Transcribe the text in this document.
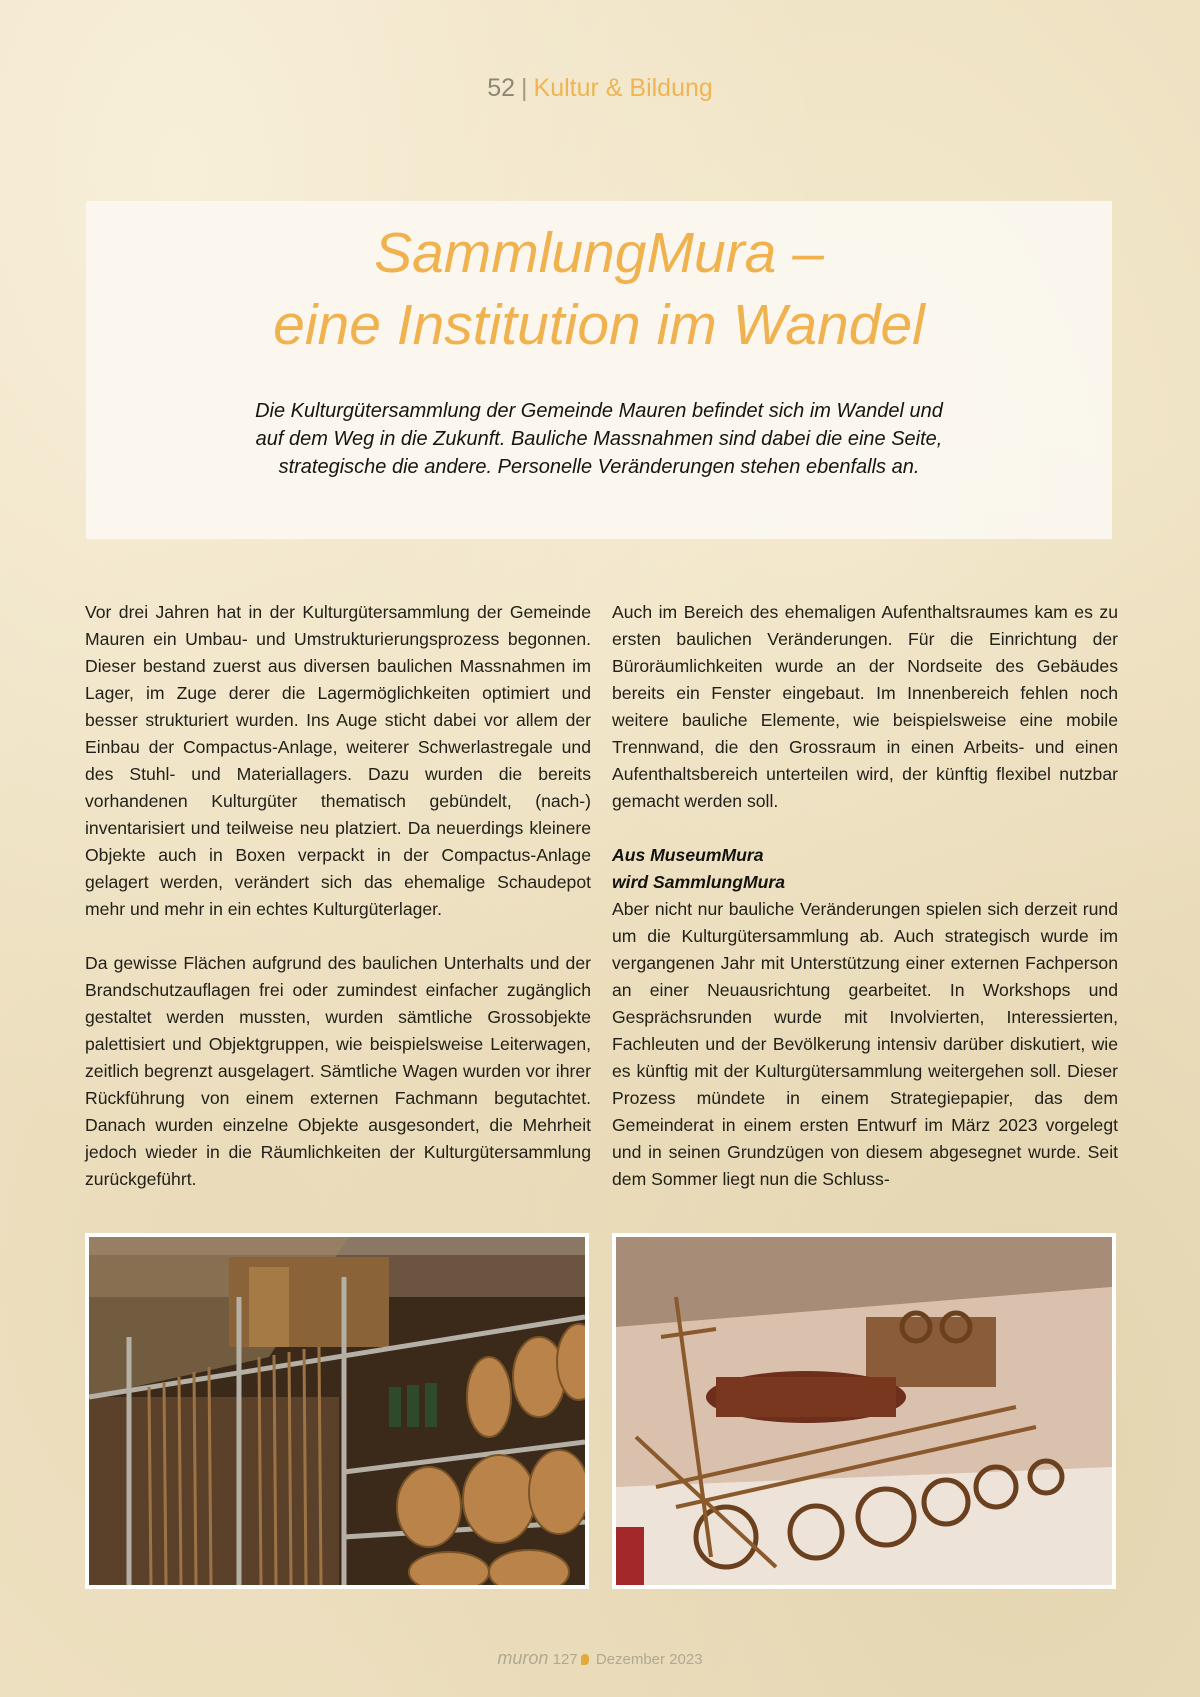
52 | Kultur & Bildung
SammlungMura –
eine Institution im Wandel
Die Kulturgütersammlung der Gemeinde Mauren befindet sich im Wandel und
auf dem Weg in die Zukunft. Bauliche Massnahmen sind dabei die eine Seite,
strategische die andere. Personelle Veränderungen stehen ebenfalls an.

Vor drei Jahren hat in der Kulturgütersammlung der Gemeinde Mauren ein Umbau- und Umstrukturierungsprozess begonnen. Dieser bestand zuerst aus diversen baulichen Massnahmen im Lager, im Zuge derer die Lagermöglichkeiten optimiert und besser strukturiert wurden. Ins Auge sticht dabei vor allem der Einbau der Compactus-Anlage, weiterer Schwerlastregale und des Stuhl- und Materiallagers. Dazu wurden die bereits vorhandenen Kulturgüter thematisch gebündelt, (nach-) inventarisiert und teilweise neu platziert. Da neuerdings kleinere Objekte auch in Boxen verpackt in der Compactus-Anlage gelagert werden, verändert sich das ehemalige Schaudepot mehr und mehr in ein echtes Kulturgüterlager.

Da gewisse Flächen aufgrund des baulichen Unterhalts und der Brandschutzauflagen frei oder zumindest einfacher zugänglich gestaltet werden mussten, wurden sämtliche Grossobjekte palettisiert und Objektgruppen, wie beispielsweise Leiterwagen, zeitlich begrenzt ausgelagert. Sämtliche Wagen wurden vor ihrer Rückführung von einem externen Fachmann begutachtet. Danach wurden einzelne Objekte ausgesondert, die Mehrheit jedoch wieder in die Räumlichkeiten der Kulturgütersammlung zurückgeführt.

Auch im Bereich des ehemaligen Aufenthaltsraumes kam es zu ersten baulichen Veränderungen. Für die Einrichtung der Büroräumlichkeiten wurde an der Nordseite des Gebäudes bereits ein Fenster eingebaut. Im Innenbereich fehlen noch weitere bauliche Elemente, wie beispielsweise eine mobile Trennwand, die den Grossraum in einen Arbeits- und einen Aufenthaltsbereich unterteilen wird, der künftig flexibel nutzbar gemacht werden soll.

Aus MuseumMura
wird SammlungMura

Aber nicht nur bauliche Veränderungen spielen sich derzeit rund um die Kulturgütersammlung ab. Auch strategisch wurde im vergangenen Jahr mit Unterstützung einer externen Fachperson an einer Neuausrichtung gearbeitet. In Workshops und Gesprächsrunden wurde mit Involvierten, Interessierten, Fachleuten und der Bevölkerung intensiv darüber diskutiert, wie es künftig mit der Kulturgütersammlung weitergehen soll. Dieser Prozess mündete in einem Strategiepapier, das dem Gemeinderat in einem ersten Entwurf im März 2023 vorgelegt und in seinen Grundzügen von diesem abgesegnet wurde. Seit dem Sommer liegt nun die Schluss-

muron 127 Dezember 2023
